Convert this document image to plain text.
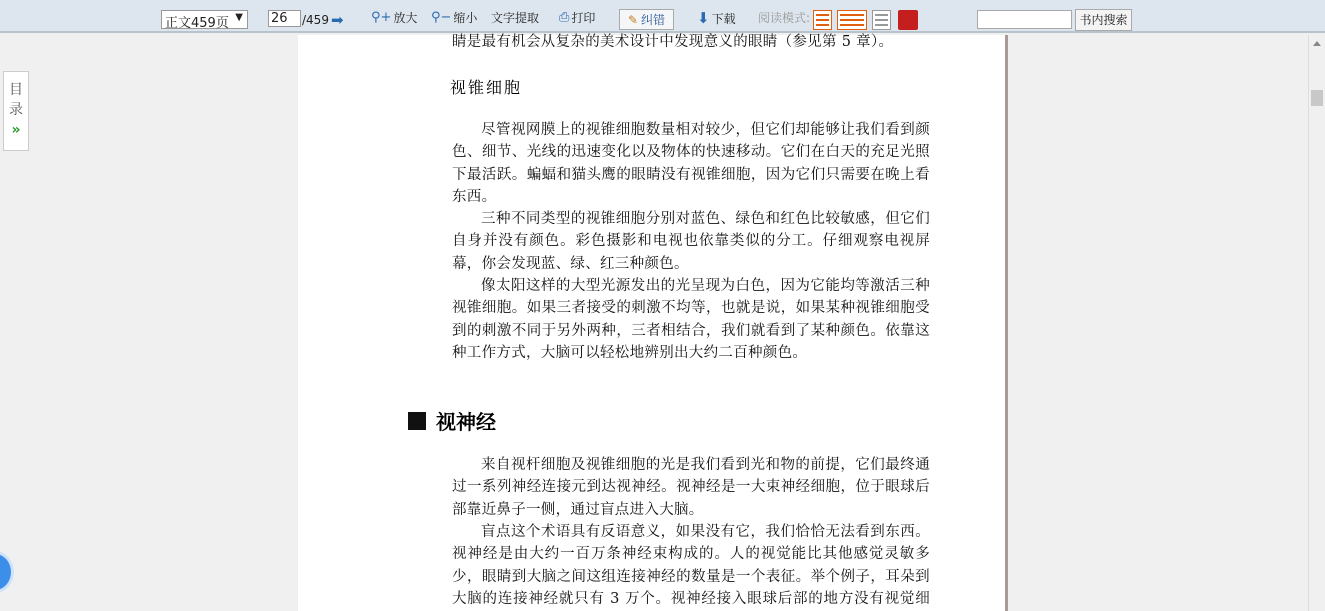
正文459页 ▼ 26	/459 ➡ ⚲+ 放大 ⚲− 缩小 文字提取 ⎙ 打印	✎ 纠错 ⬇ 下载 阅读模式:	书内搜索
目
录
»
睛是最有机会从复杂的美术设计中发现意义的眼睛（参见第 5 章）。
视锥细胞
尽管视网膜上的视锥细胞数量相对较少，但它们却能够让我们看到颜
色、细节、光线的迅速变化以及物体的快速移动。它们在白天的充足光照
下最活跃。蝙蝠和猫头鹰的眼睛没有视锥细胞，因为它们只需要在晚上看
东西。
三种不同类型的视锥细胞分别对蓝色、绿色和红色比较敏感，但它们
自身并没有颜色。彩色摄影和电视也依靠类似的分工。仔细观察电视屏
幕，你会发现蓝、绿、红三种颜色。
像太阳这样的大型光源发出的光呈现为白色，因为它能均等激活三种
视锥细胞。如果三者接受的刺激不均等，也就是说，如果某种视锥细胞受
到的刺激不同于另外两种，三者相结合，我们就看到了某种颜色。依靠这
种工作方式，大脑可以轻松地辨别出大约二百种颜色。
来自视杆细胞及视锥细胞的光是我们看到光和物的前提，它们最终通
过一系列神经连接元到达视神经。视神经是一大束神经细胞，位于眼球后
部靠近鼻子一侧，通过盲点进入大脑。
盲点这个术语具有反语意义，如果没有它，我们恰恰无法看到东西。
视神经是由大约一百万条神经束构成的。人的视觉能比其他感觉灵敏多
少，眼睛到大脑之间这组连接神经的数量是一个表征。举个例子，耳朵到
大脑的连接神经就只有 3 万个。视神经接入眼球后部的地方没有视觉细
视神经
